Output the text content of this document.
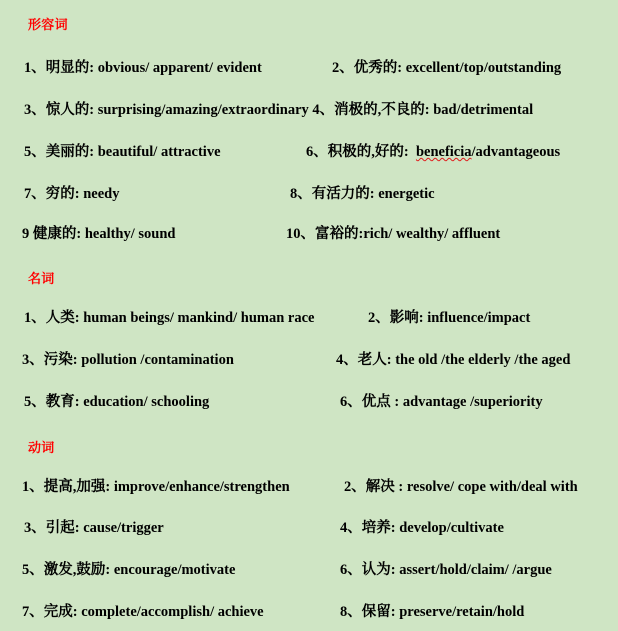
形容词
1、明显的: obvious/ apparent/ evident	2、优秀的: excellent/top/outstanding
3、惊人的: surprising/amazing/extraordinary 4、消极的,不良的: bad/detrimental
5、美丽的: beautiful/ attractive	6、积极的,好的: beneficia/advantageous
7、穷的: needy	8、有活力的: energetic
9 健康的: healthy/ sound	10、富裕的:rich/ wealthy/ affluent
名词
1、人类: human beings/ mankind/ human race	2、影响: influence/impact
3、污染: pollution /contamination	4、老人: the old /the elderly /the aged
5、教育: education/ schooling	6、优点 : advantage /superiority
动词
1、提高,加强: improve/enhance/strengthen	2、解决 : resolve/ cope with/deal with
3、引起: cause/trigger	4、培养: develop/cultivate
5、激发,鼓励: encourage/motivate	6、认为: assert/hold/claim/ /argue
7、完成: complete/accomplish/ achieve	8、保留: preserve/retain/hold
